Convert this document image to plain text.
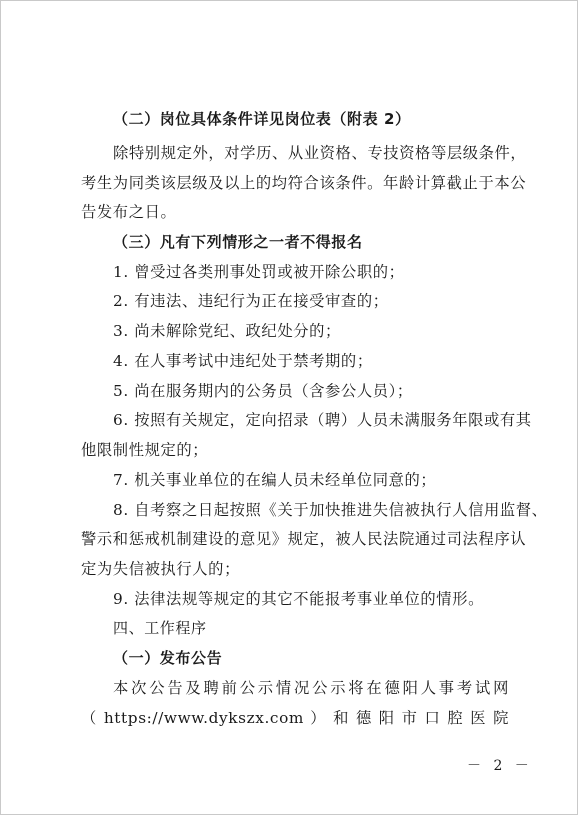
（二）岗位具体条件详见岗位表（附表 2）
除特别规定外，对学历、从业资格、专技资格等层级条件，
考生为同类该层级及以上的均符合该条件。年龄计算截止于本公
告发布之日。
（三）凡有下列情形之一者不得报名
1. 曾受过各类刑事处罚或被开除公职的；
2. 有违法、违纪行为正在接受审查的；
3. 尚未解除党纪、政纪处分的；
4. 在人事考试中违纪处于禁考期的；
5. 尚在服务期内的公务员（含参公人员）；
6. 按照有关规定，定向招录（聘）人员未满服务年限或有其
他限制性规定的；
7. 机关事业单位的在编人员未经单位同意的；
8. 自考察之日起按照《关于加快推进失信被执行人信用监督、
警示和惩戒机制建设的意见》规定，被人民法院通过司法程序认
定为失信被执行人的；
9. 法律法规等规定的其它不能报考事业单位的情形。
四、工作程序
（一）发布公告
本次公告及聘前公示情况公示将在德阳人事考试网
（ https://www.dykszx.com ） 和 德 阳 市 口 腔 医 院
－ 2 －
